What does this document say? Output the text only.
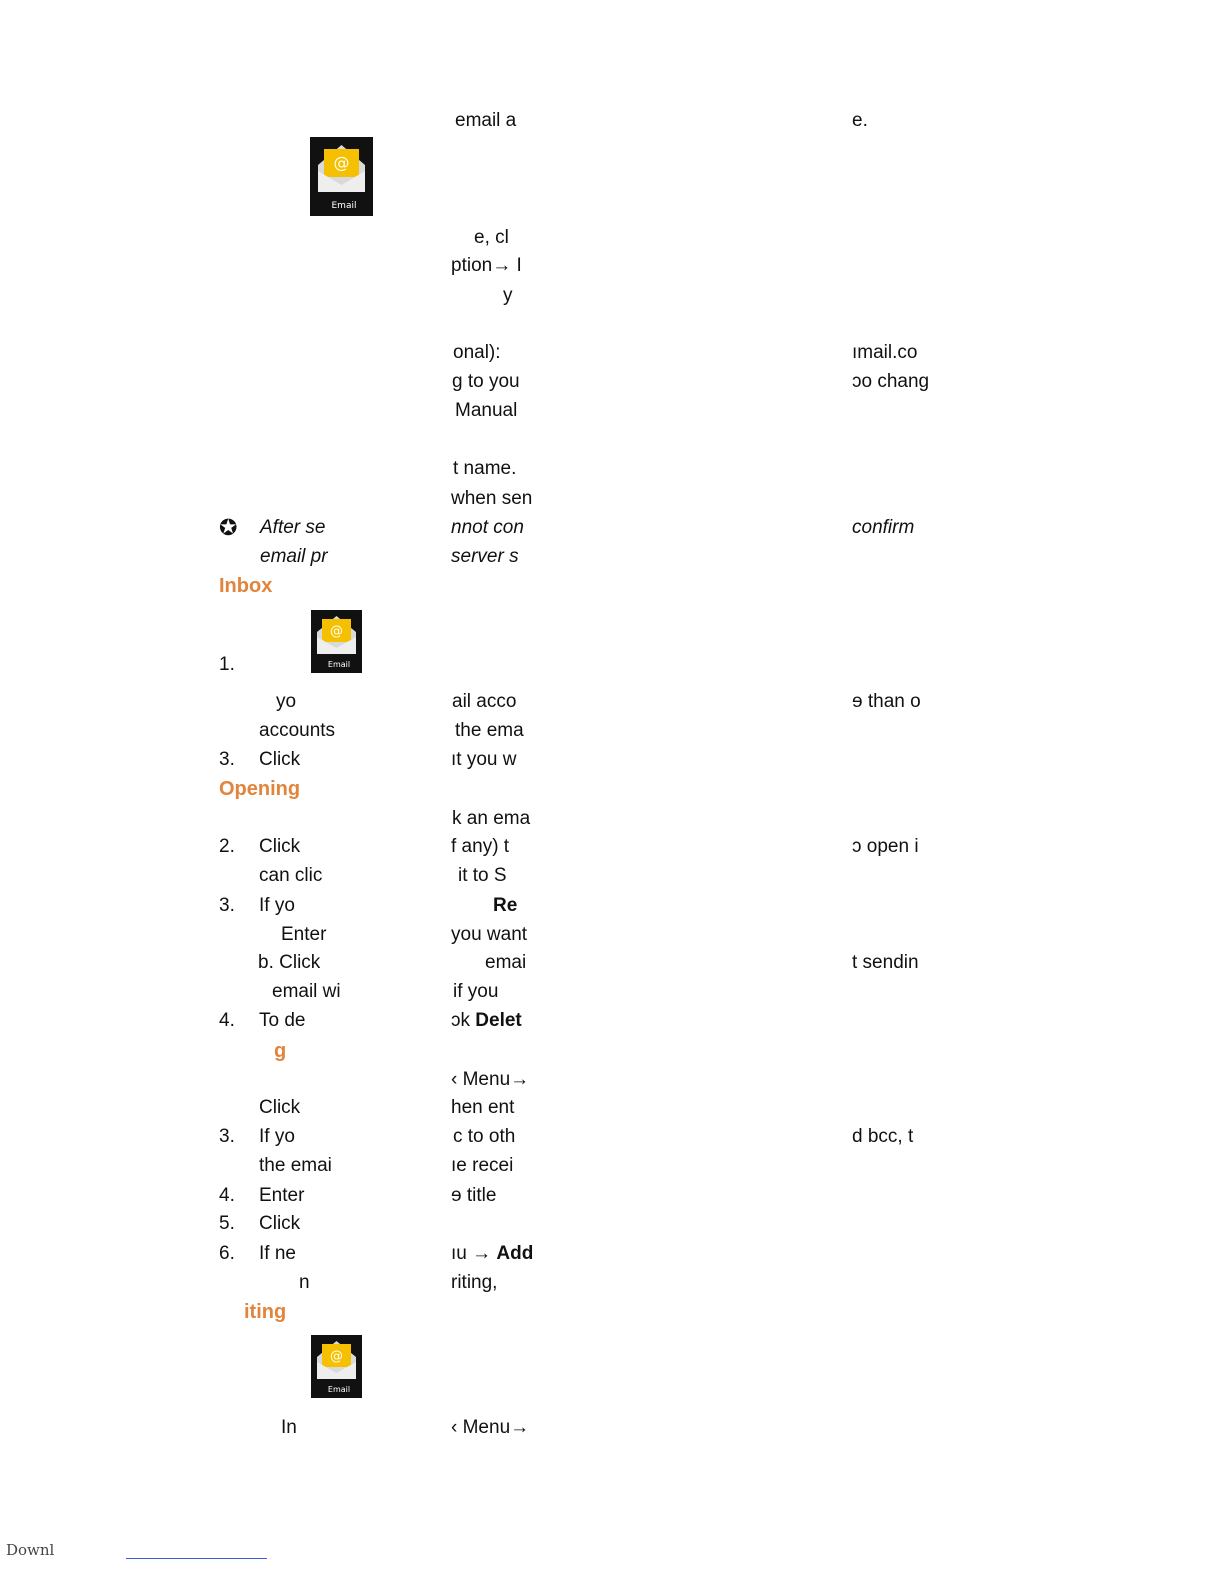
email a	e.
@
Email
e, cl
ption→ I
y
onal):	ımail.co
g to you	ɔo chang
Manual
t name.
when sen
✪ After se	nnot con	confirm
email pr	server s
Inbox
@
Email
1.
yo	ail acco	ɘ than o
accounts	the ema
3. Click	ıt you w
Opening
k an ema
2. Click	f any) t	ɔ open i
can clic	it to S
3. If yo	Re
Enter	you want
b. Click	emai	t sendin
email wi	if you
4. To de	ɔk Delet
g
‹ Menu→
Click	hen ent
3. If yo	c to oth	d bcc, t
the emai	ıe recei
4. Enter	ɘ title
5. Click
6. If ne	ıu → Add
n	riting,
iting
@
Email
In	‹ Menu→
Downl
